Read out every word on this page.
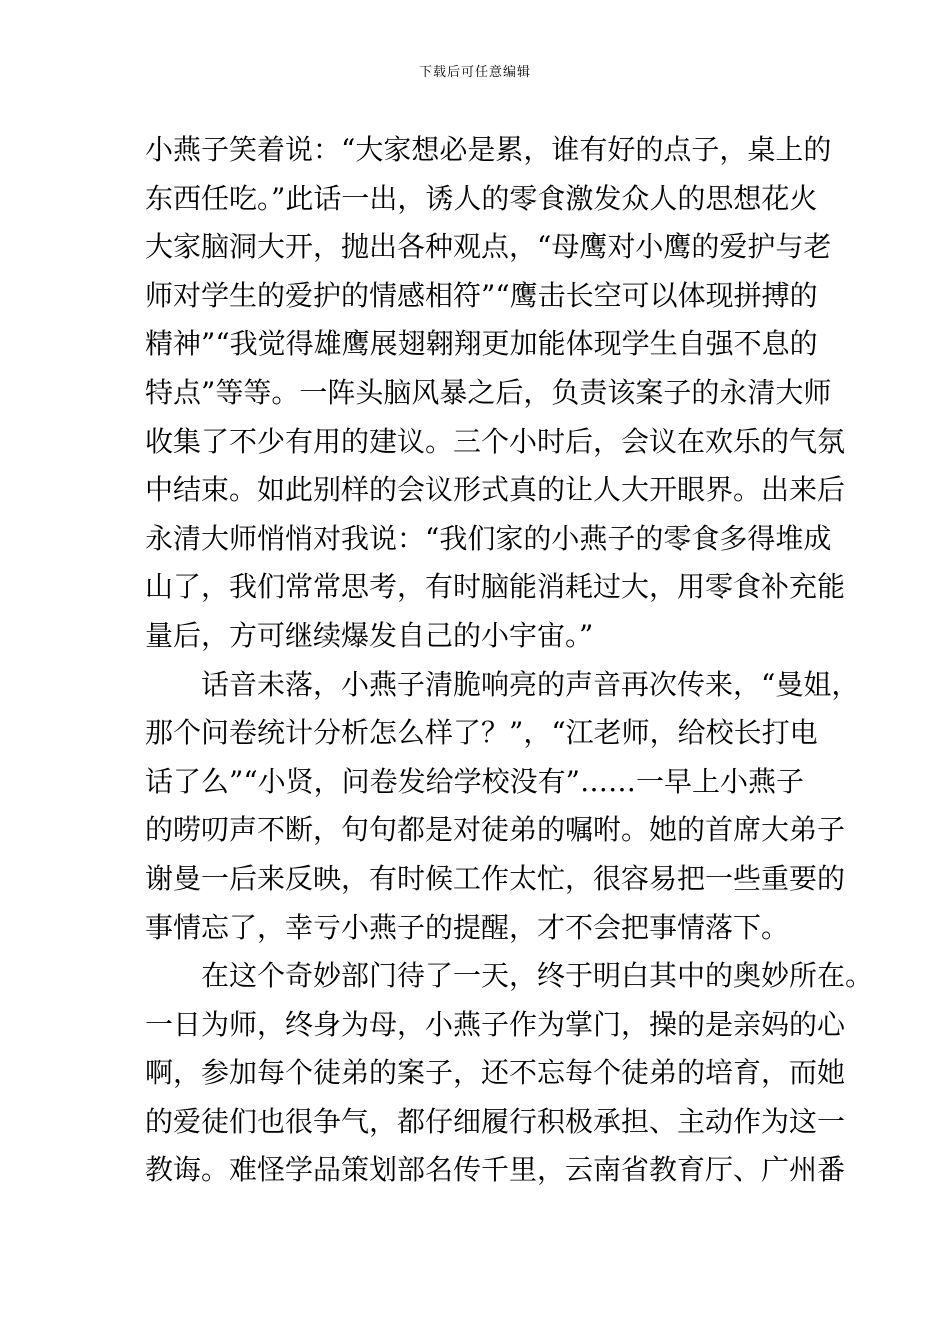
下载后可任意编辑
小燕子笑着说：“大家想必是累，谁有好的点子，桌上的
东西任吃。”此话一出，诱人的零食激发众人的思想花火
大家脑洞大开，抛出各种观点，“母鹰对小鹰的爱护与老
师对学生的爱护的情感相符”“鹰击长空可以体现拼搏的
精神”“我觉得雄鹰展翅翱翔更加能体现学生自强不息的
特点”等等。一阵头脑风暴之后，负责该案子的永清大师
收集了不少有用的建议。三个小时后，会议在欢乐的气氛
中结束。如此别样的会议形式真的让人大开眼界。出来后
永清大师悄悄对我说：“我们家的小燕子的零食多得堆成
山了，我们常常思考，有时脑能消耗过大，用零食补充能
量后，方可继续爆发自己的小宇宙。”
话音未落，小燕子清脆响亮的声音再次传来，“曼姐，
那个问卷统计分析怎么样了？”，“江老师，给校长打电
话了么”“小贤，问卷发给学校没有”……一早上小燕子
的唠叨声不断，句句都是对徒弟的嘱咐。她的首席大弟子
谢曼一后来反映，有时候工作太忙，很容易把一些重要的
事情忘了，幸亏小燕子的提醒，才不会把事情落下。
在这个奇妙部门待了一天，终于明白其中的奥妙所在。
一日为师，终身为母，小燕子作为掌门，操的是亲妈的心
啊，参加每个徒弟的案子，还不忘每个徒弟的培育，而她
的爱徒们也很争气，都仔细履行积极承担、主动作为这一
教诲。难怪学品策划部名传千里，云南省教育厅、广州番
